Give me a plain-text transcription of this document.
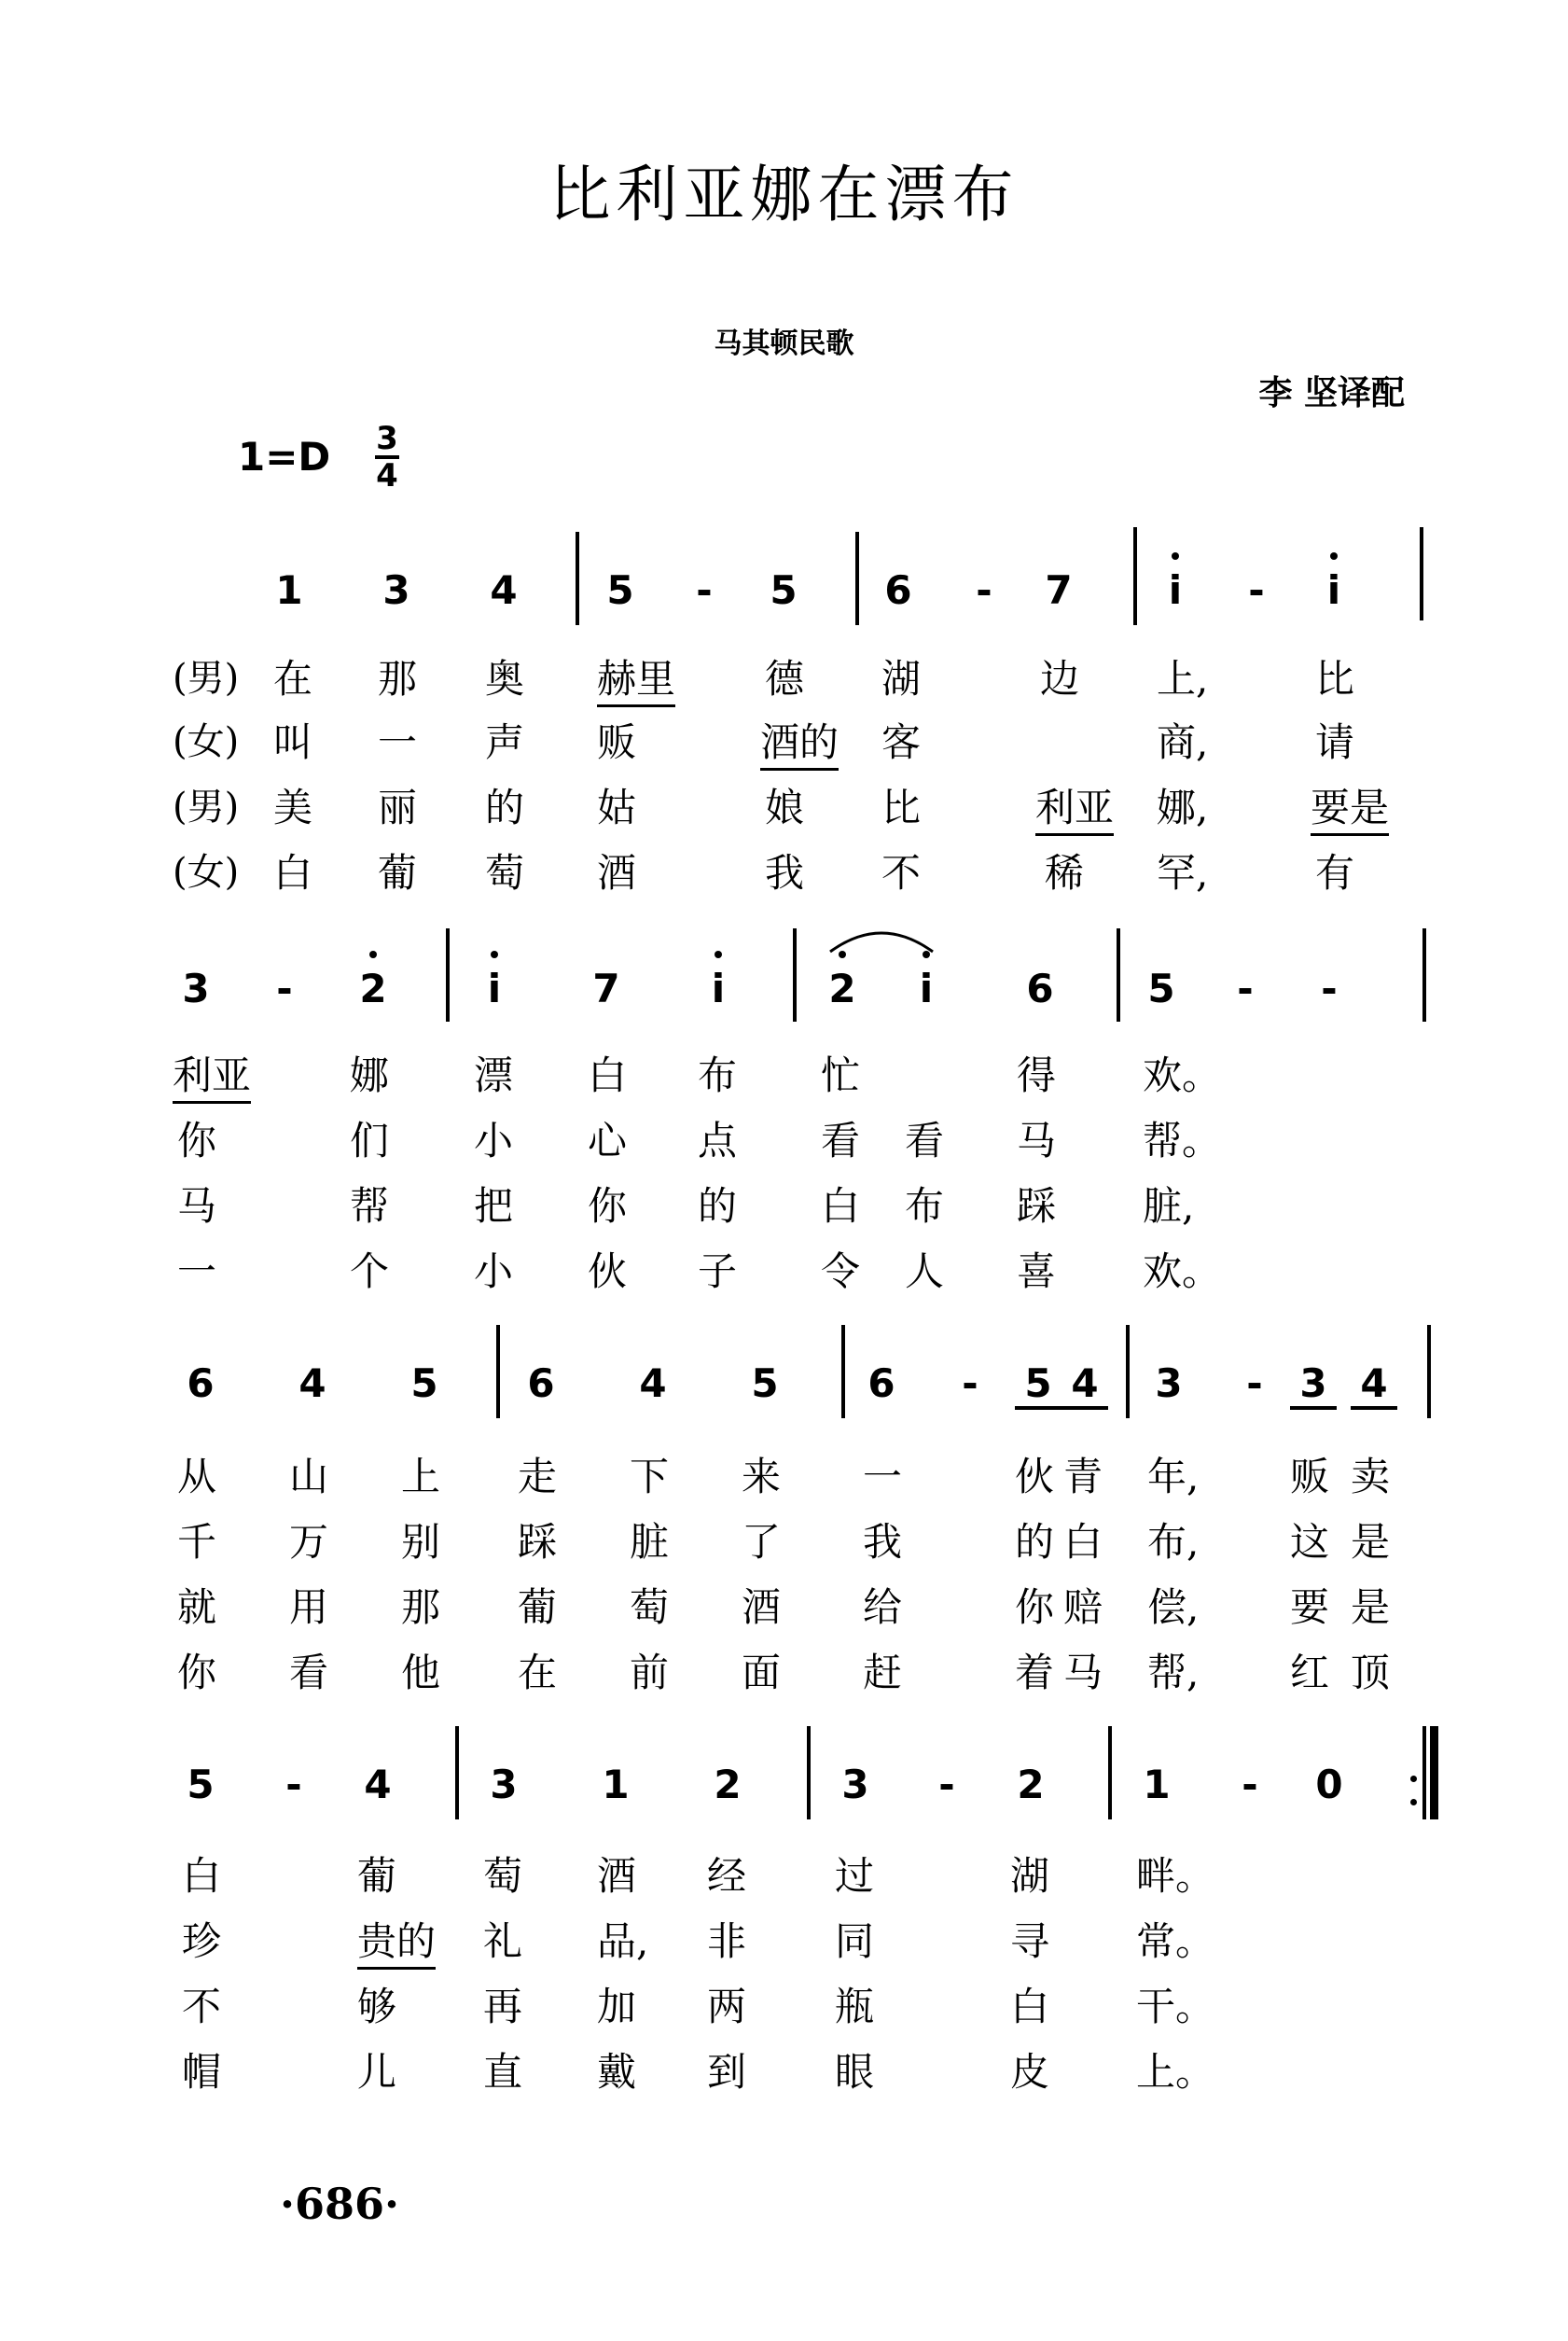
比利亚娜在漂布
马其顿民歌
李 坚译配
1=D 3
4
1 3 4 5 - 5 6 - 7	i	-	i
(男)
(女)
(男)
(女)
在 那 奥 赫里 德 湖	边 上,	比
叫 一 声 贩	酒的 客	商,	请
美 丽 的 姑	娘 比	利亚 娜,	要是
白 葡 萄 酒	我 不	稀 罕,	有
3 - 2	i	7	i	2	i	6 5 - -
利亚	娜 漂 白 布 忙	得 欢。
你	们 小 心 点 看 看 马 帮。
马	帮 把 你 的 白 布 踩 脏,
一	个 小 伙 子 令 人 喜 欢。
6 4 5 6 4 5 6 - 5 4 3 - 3 4
从 山 上 走 下 来 一	伙 青 年, 贩 卖
千 万 别 踩 脏 了 我	的 白 布, 这 是
就 用 那 葡 萄 酒 给	你 赔 偿, 要 是
你 看 他 在 前 面 赶	着 马 帮, 红 顶
5 - 4	3 1 2	3 - 2	1 - 0
白	葡 萄 酒 经 过	湖 畔。
珍	贵的 礼 品, 非 同	寻 常。
不	够 再 加 两 瓶	白 干。
帽	儿 直 戴 到 眼	皮 上。
·686·
